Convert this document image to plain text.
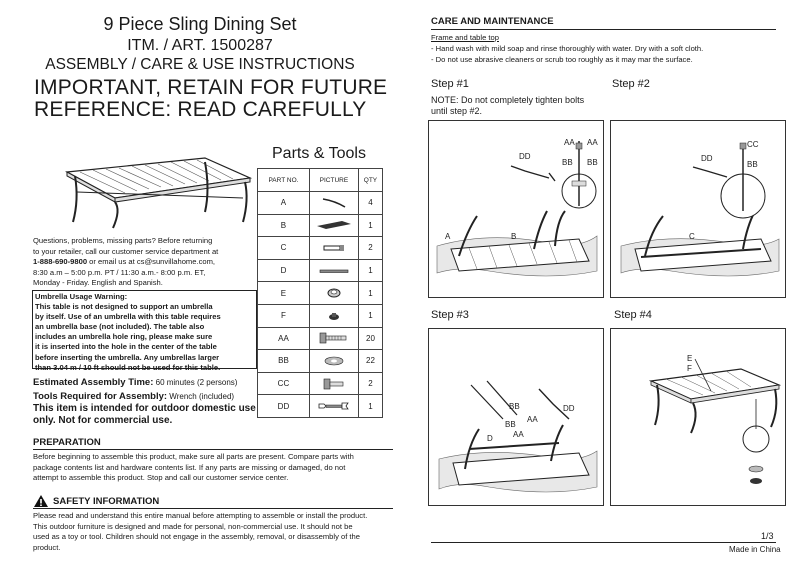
9 Piece Sling Dining Set
ITM. / ART. 1500287
ASSEMBLY / CARE & USE INSTRUCTIONS
IMPORTANT, RETAIN FOR FUTURE
REFERENCE: READ CAREFULLY
Parts & Tools
PART NO.	PICTURE	QTY
A		4
B		1
C		2
D		1
E		1
F		1
AA		20
BB		22
CC		2
DD		1
Questions, problems, missing parts? Before returning
to your retailer, call our customer service department at
1-888-690-9800 or email us at cs@sunvillahome.com,
8:30 a.m – 5:00 p.m. PT / 11:30 a.m.- 8:00 p.m. ET,
Monday - Friday. English and Spanish.
Umbrella Usage Warning:
This table is not designed to support an umbrella
by itself. Use of an umbrella with this table requires
an umbrella base (not included). The table also
includes an umbrella hole ring, please make sure
it is inserted into the hole in the center of the table
before inserting the umbrella. Any umbrellas larger
than 3.04 m / 10 ft should not be used for this table.
Estimated Assembly Time: 60 minutes (2 persons)
Tools Required for Assembly: Wrench (included)
This item is intended for outdoor domestic use
only. Not for commercial use.
PREPARATION
Before beginning to assemble this product, make sure all parts are present. Compare parts with
package contents list and hardware contents list. If any parts are missing or damaged, do not
attempt to assemble this product. Stop and call our customer service center.
SAFETY INFORMATION
Please read and understand this entire manual before attempting to assemble or install the product.
This outdoor furniture is designed and made for personal, non-commercial use. It should not be
used as a toy or tool. Children should not engage in the assembly, removal, or disassembly of the
product.
CARE AND MAINTENANCE
Frame and table top
- Hand wash with mild soap and rinse thoroughly with water. Dry with a soft cloth.
- Do not use abrasive cleaners or scrub too roughly as it may mar the surface.
Step #1	Step #2
NOTE: Do not completely tighten bolts
until step #2.
Step #3	Step #4
AA AA
BB BB
DD
A	B
CC
BB
DD
C
BB
AA
BB
AA
DD
D
E
F
1/3
Made in China
